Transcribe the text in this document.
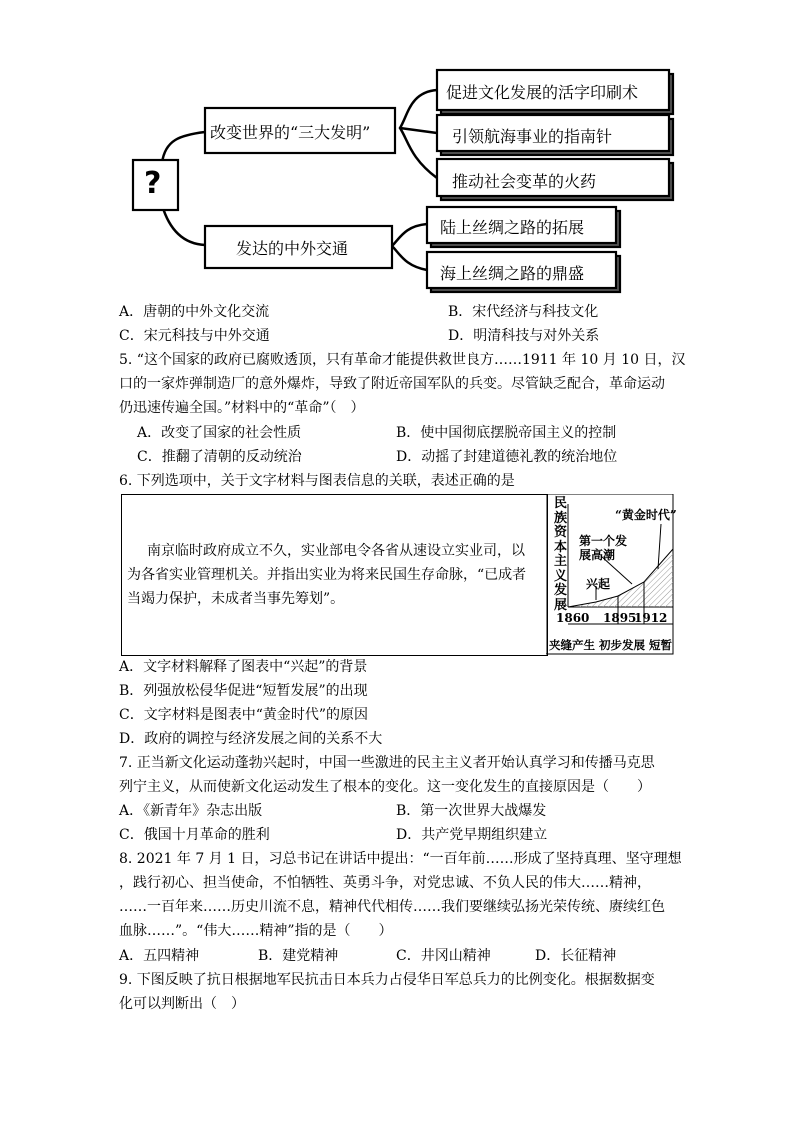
?
改变世界的“三大发明”
发达的中外交通
促进文化发展的活字印刷术
引领航海事业的指南针
推动社会变革的火药
陆上丝绸之路的拓展
海上丝绸之路的鼎盛
A．唐朝的中外文化交流	B．宋代经济与科技文化
C．宋元科技与中外交通	D．明清科技与对外关系
5. “这个国家的政府已腐败透顶，只有革命才能提供救世良方……1911 年 10 月 10 日，汉
口的一家炸弹制造厂的意外爆炸，导致了附近帝国军队的兵变。尽管缺乏配合，革命运动
仍迅速传遍全国。”材料中的“革命”（　）
A．改变了国家的社会性质	B．使中国彻底摆脱帝国主义的控制
C．推翻了清朝的反动统治	D．动摇了封建道德礼教的统治地位
6. 下列选项中，关于文字材料与图表信息的关联，表述正确的是
南京临时政府成立不久，实业部电令各省从速设立实业司，以
为各省实业管理机关。并指出实业为将来民国生存命脉，“已成者
当竭力保护，未成者当事先筹划”。
民族资本主义发展
“黄金时代”
第一个发
展高潮
兴起
1860 1895
1912
夹缝产生 初步发展 短暂
A．文字材料解释了图表中“兴起”的背景
B．列强放松侵华促进“短暂发展”的出现
C．文字材料是图表中“黄金时代”的原因
D．政府的调控与经济发展之间的关系不大
7. 正当新文化运动蓬勃兴起时，中国一些激进的民主主义者开始认真学习和传播马克思
列宁主义，从而使新文化运动发生了根本的变化。这一变化发生的直接原因是（　　）
A．《新青年》杂志出版	B．第一次世界大战爆发
C．俄国十月革命的胜利	D．共产党早期组织建立
8. 2021 年 7 月 1 日，习总书记在讲话中提出：“一百年前……形成了坚持真理、坚守理想
，践行初心、担当使命，不怕牺牲、英勇斗争，对党忠诚、不负人民的伟大……精神，
……一百年来……历史川流不息，精神代代相传……我们要继续弘扬光荣传统、赓续红色
血脉……”。“伟大……精神”指的是（　　）
A．五四精神	B．建党精神	C．井冈山精神	D．长征精神
9. 下图反映了抗日根据地军民抗击日本兵力占侵华日军总兵力的比例变化。根据数据变
化可以判断出（　）
